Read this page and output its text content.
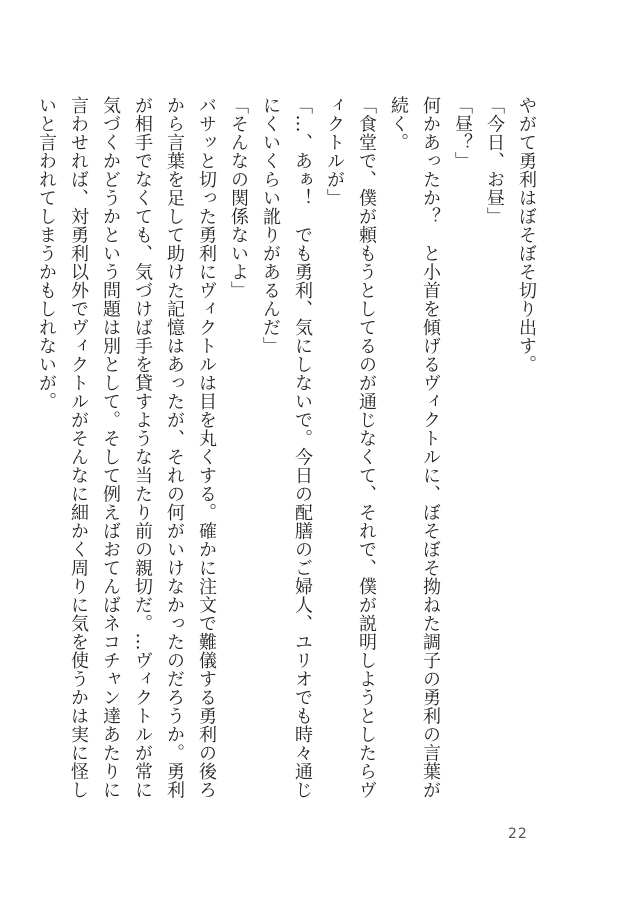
やがて勇利はぼそぼそ切り出す。

「今日、お昼」

「昼？」

何かあったか？　と小首を傾げるヴィクトルに、ぼそぼそ拗ねた調子の勇利の言葉が続く。

「食堂で、僕が頼もうとしてるのが通じなくて、それで、僕が説明しようとしたらヴィクトルが」

「…、あぁ！　でも勇利、気にしないで。今日の配膳のご婦人、ユリオでも時々通じにくいくらい訛りがあるんだ」

「そんなの関係ないよ」

バサッと切った勇利にヴィクトルは目を丸くする。確かに注文で難儀する勇利の後ろから言葉を足して助けた記憶はあったが、それの何がいけなかったのだろうか。勇利が相手でなくても、気づけば手を貸すような当たり前の親切だ。…ヴィクトルが常に気づくかどうかという問題は別として。そして例えばおてんばネコチャン達あたりに言わせれば、対勇利以外でヴィクトルがそんなに細かく周りに気を使うかは実に怪しいと言われてしまうかもしれないが。

22
